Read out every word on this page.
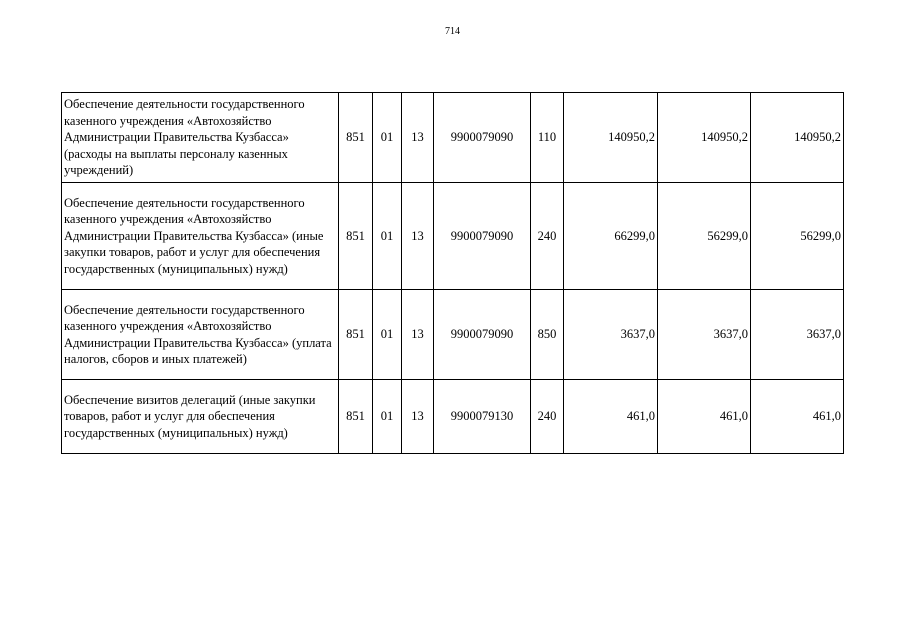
714
Обеспечение деятельности государственного казенного учреждения «Автохозяйство Администрации Правительства Кузбасса» (расходы на выплаты персоналу казенных учреждений)	851	01	13	9900079090	110	140950,2	140950,2	140950,2
Обеспечение деятельности государственного казенного учреждения «Автохозяйство Администрации Правительства Кузбасса» (иные закупки товаров, работ и услуг для обеспечения государственных (муниципальных) нужд)	851	01	13	9900079090	240	66299,0	56299,0	56299,0
Обеспечение деятельности государственного казенного учреждения «Автохозяйство Администрации Правительства Кузбасса» (уплата налогов, сборов и иных платежей)	851	01	13	9900079090	850	3637,0	3637,0	3637,0
Обеспечение визитов делегаций (иные закупки товаров, работ и услуг для обеспечения государственных (муниципальных) нужд)	851	01	13	9900079130	240	461,0	461,0	461,0
